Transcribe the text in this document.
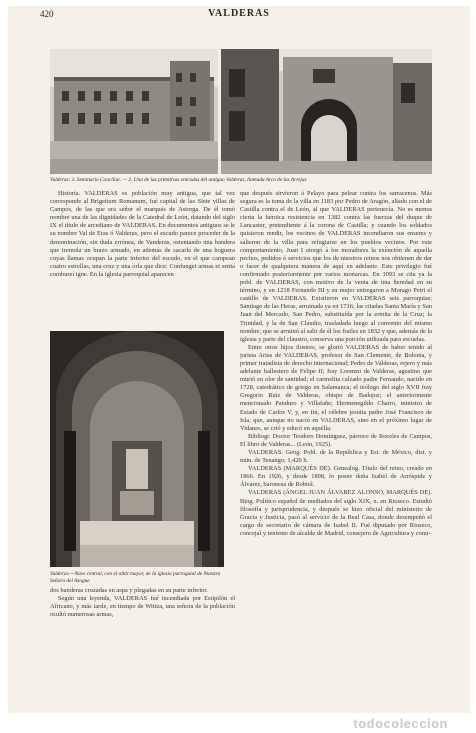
420	VALDERAS
Valderas: 1. Seminario Conciliar. — 2. Una de las primitivas entradas del antiguo Valderas, llamada Arco de las Arrejas

Historia. VALDERAS es población muy antigua, que tal vez corresponde al Brigetium Romanum, fué capital de las Siete villas de Campos, de las que era señor el marqués de Astorga. De él tomó nombre una de las dignidades de la Catedral de León, datando del siglo IX el título de arcediano de VALDERAS. En documentos antiguos se le su nombre Val de Eras ó Valderas, pero el escudo parece proceder de la denominación, sin duda errónea, de Vanderas, ostentando una bandera que tremola un brazo armado, en además de sacarla de una hoguera cuyas llamas ocupan la parte inferior del escudo, en el que campean cuatro estrellas, una cruz y una orla que dice: Confunget armas et senta combureí igne. En la iglesia parroquial aparecen

Valderas.—Nave central, con el altar mayor, de la iglesia parroquial de Nuestra Señora del Azogue

dos banderas cruzadas en aspa y plegadas en su parte inferior.

Según una leyenda, VALDERAS fué incendiada por Estipilón el Africano, y más tarde, en tiempo de Witiza, una señora de la población ocultó numerosas armas,

que después sirvieron á Pelayo para pelear contra los sarracenos. Más segura es la toma de la villa en 1183 por Pedro de Aragón, aliado con el de Castilla contra el de León, al que VALDERAS pertenecía. No es menos cierta la heroica resistencia en 1382 contra las fuerzas del duque de Lancaster, pretendiente á la corona de Castilla; y cuando los soldados quisieron rendir, los vecinos de VALDERAS incendiaron sus enseres y salieron de la villa para refugiarse en los pueblos vecinos. Por este comportamiento, Juan I otorgó á los moradores la exención de aquella pechos, pedidos ó servicios que los de nuestros reinos nos obtienen de dar o facer de qualquiera manera de aquí en adelante. Este privilegio fué confirmado posteriormente por varios monarcas. En 1093 se cita ya la pobl. de VALDERAS, con motivo de la venta de una heredad en su término, y en 1218 Fernando III y su mujer entregaron a Morago Petri el castillo de VALDERAS. Existieron en VALDERAS seis parroquias: Santiago de las Heras, arruinada ya en 1716; las citadas Santa María y San Juan del Mercado, San Pedro, substituída por la ermita de la Cruz; la Trinidad, y la de San Claudio, trasladada luego al convento del mismo nombre, que se arruinó al salir de él los frailes en 1832 y que, además de la iglesia y parte del claustro, conserva una porción utilizada para escuelas.

Entre otros hijos ilustres, se glorió VALDERAS de haber tenido al jurista Arias de VALDERAS, profesor de San Clemente, de Bolonia, y primer tratadista de derecho internacional; Pedro de Valderas, rejero y más adelante ballestero de Felipe II; fray Lorenzo de Valderas, agustino que murió en olor de santidad; el carmelita calzado padre Fernando, nacido en 1728, catedrático de griego en Salamanca; el teólogo del siglo XVII fray Gregorio Ruiz de Valderas, obispo de Badajoz; el anteriormente mencionado Panduro y Villafañe; Hermenegildo Charro, ministro de Estado de Carlos V, y, en fin, el célebre jesuita padre José Francisco de Isla, que, aunque no nació en VALDERAS, sino en el próximo lugar de Vidanes, se crió y educó en aquélla.

Bibliogr. Doctor Teodoro Domínguez, párroco de Roceles de Campos, El libro de Valderas... (León, 1925).

VALDERAS. Geog. Pobl. de la República y Est. de México, dist. y mun. de Tenango; 1,420 h.

VALDERAS (MARQUÉS DE). Genealog. Título del reino, creado en 1866. En 1926, y desde 1898, lo posee doña Isabel de Arróspide y Álvarez, baronesa de Robiol.

VALDERAS (ÁNGEL JUAN ÁLVAREZ ALONSO, MARQUÉS DE). Biog. Político español de mediados del siglo XIX, n. en Rioseco. Estudió filosofía y jurisprudencia, y después se hizo oficial del ministerio de Gracia y Justicia, pasó al servicio de la Real Casa, donde desempeñó el cargo de secretario de cámara de Isabel II. Fué diputado por Rioseco, concejal y teniente de alcalde de Madrid, consejero de Agricultura y comi-

todocoleccion
